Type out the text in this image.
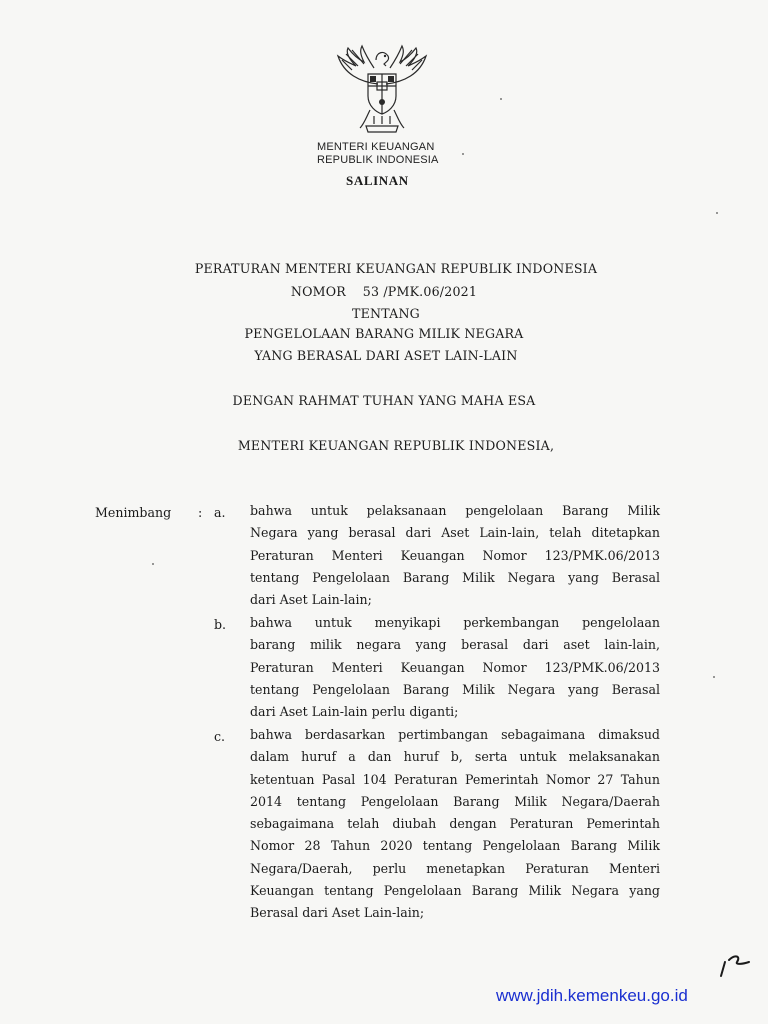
MENTERI KEUANGAN
REPUBLIK INDONESIA
SALINAN
PERATURAN MENTERI KEUANGAN REPUBLIK INDONESIA
NOMOR    53 /PMK.06/2021
TENTANG
PENGELOLAAN BARANG MILIK NEGARA
YANG BERASAL DARI ASET LAIN-LAIN
DENGAN RAHMAT TUHAN YANG MAHA ESA
MENTERI KEUANGAN REPUBLIK INDONESIA,
Menimbang : a. bahwa untuk pelaksanaan pengelolaan Barang Milik
Negara yang berasal dari Aset Lain-lain, telah ditetapkan
Peraturan Menteri Keuangan Nomor 123/PMK.06/2013
tentang Pengelolaan Barang Milik Negara yang Berasal
dari Aset Lain-lain;
b. bahwa untuk menyikapi perkembangan pengelolaan
barang milik negara yang berasal dari aset lain-lain,
Peraturan Menteri Keuangan Nomor 123/PMK.06/2013
tentang Pengelolaan Barang Milik Negara yang Berasal
dari Aset Lain-lain perlu diganti;
c. bahwa berdasarkan pertimbangan sebagaimana dimaksud
dalam huruf a dan huruf b, serta untuk melaksanakan
ketentuan Pasal 104 Peraturan Pemerintah Nomor 27 Tahun
2014 tentang Pengelolaan Barang Milik Negara/Daerah
sebagaimana telah diubah dengan Peraturan Pemerintah
Nomor 28 Tahun 2020 tentang Pengelolaan Barang Milik
Negara/Daerah, perlu menetapkan Peraturan Menteri
Keuangan tentang Pengelolaan Barang Milik Negara yang
Berasal dari Aset Lain-lain;
www.jdih.kemenkeu.go.id
